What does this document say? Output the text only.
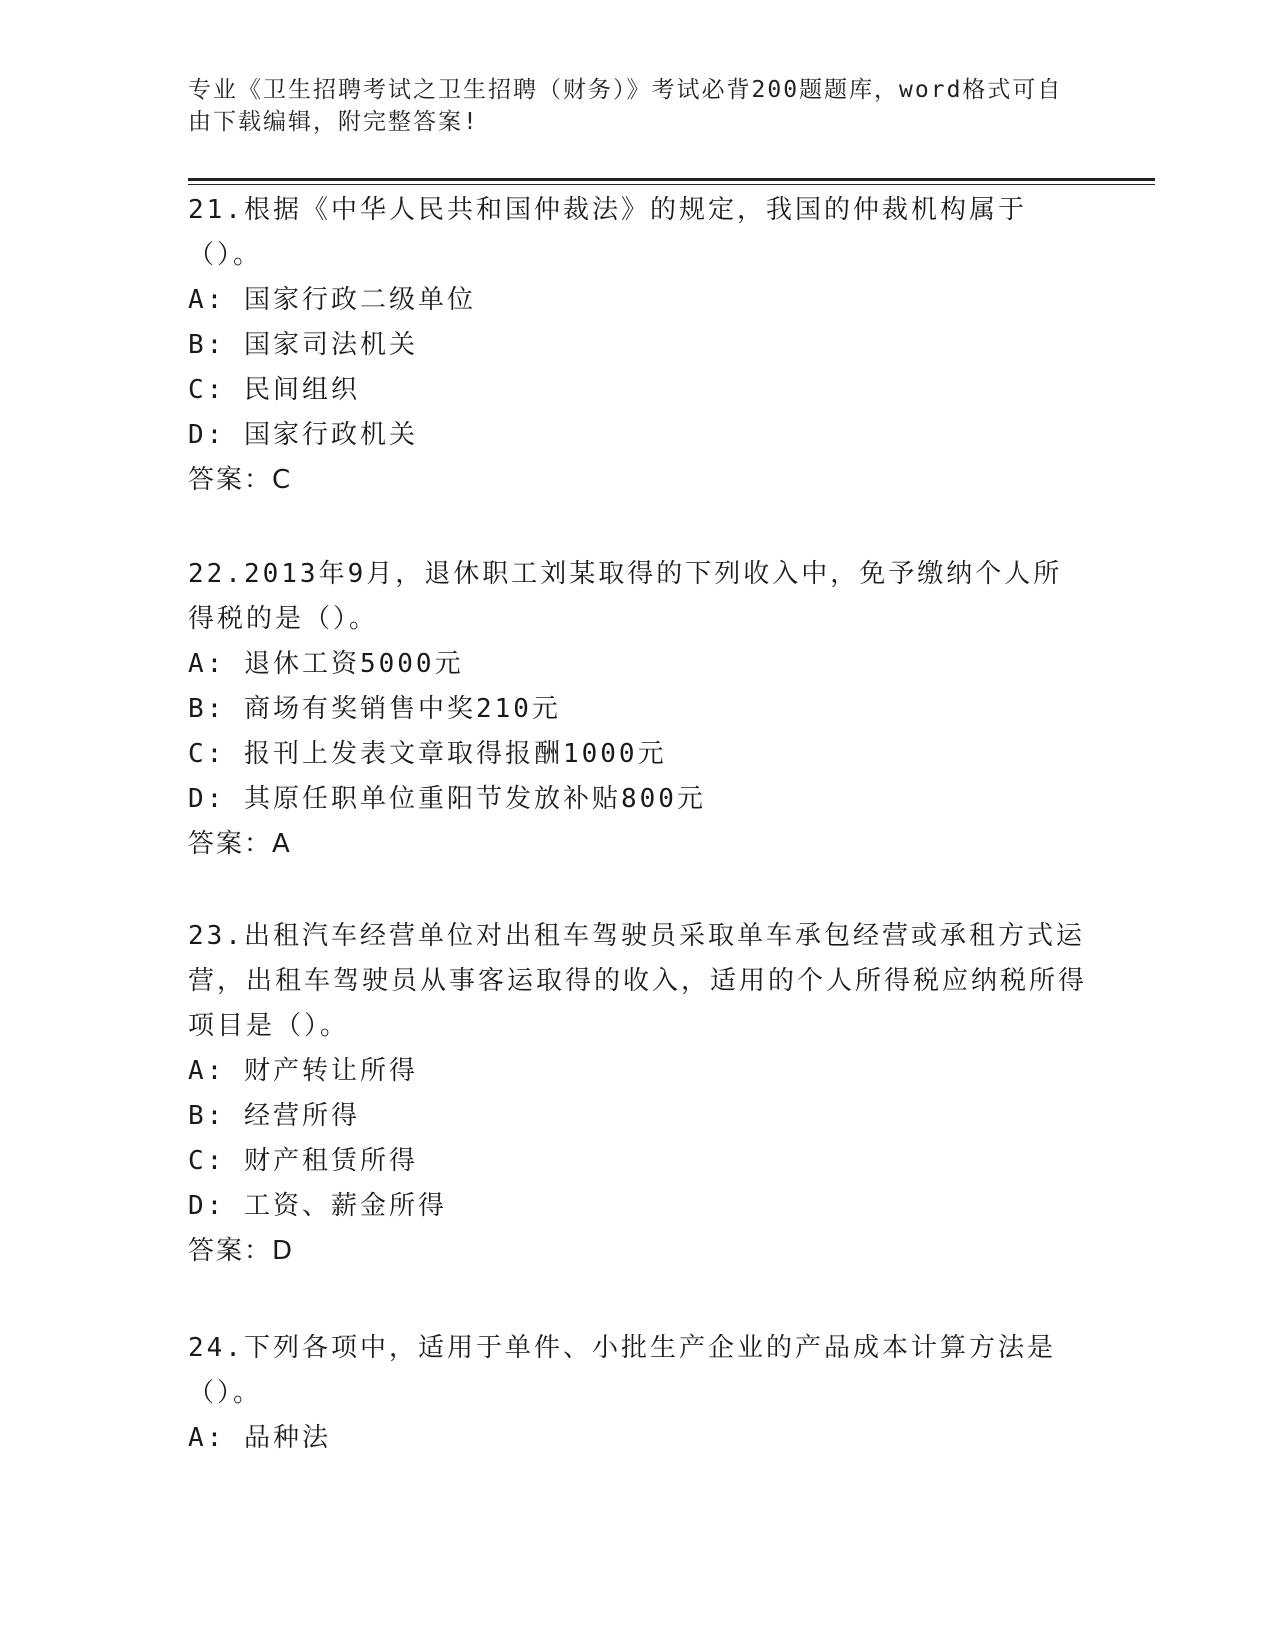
专业《卫生招聘考试之卫生招聘（财务）》考试必背200题题库，word格式可自由下载编辑，附完整答案!

21.根据《中华人民共和国仲裁法》的规定，我国的仲裁机构属于（）。

A: 国家行政二级单位

B: 国家司法机关

C: 民间组织

D: 国家行政机关

答案：C

22.2013年9月，退休职工刘某取得的下列收入中，免予缴纳个人所得税的是（）。

A: 退休工资5000元

B: 商场有奖销售中奖210元

C: 报刊上发表文章取得报酬1000元

D: 其原任职单位重阳节发放补贴800元

答案：A

23.出租汽车经营单位对出租车驾驶员采取单车承包经营或承租方式运营，出租车驾驶员从事客运取得的收入，适用的个人所得税应纳税所得项目是（）。

A: 财产转让所得

B: 经营所得

C: 财产租赁所得

D: 工资、薪金所得

答案：D

24.下列各项中，适用于单件、小批生产企业的产品成本计算方法是（）。

A: 品种法
